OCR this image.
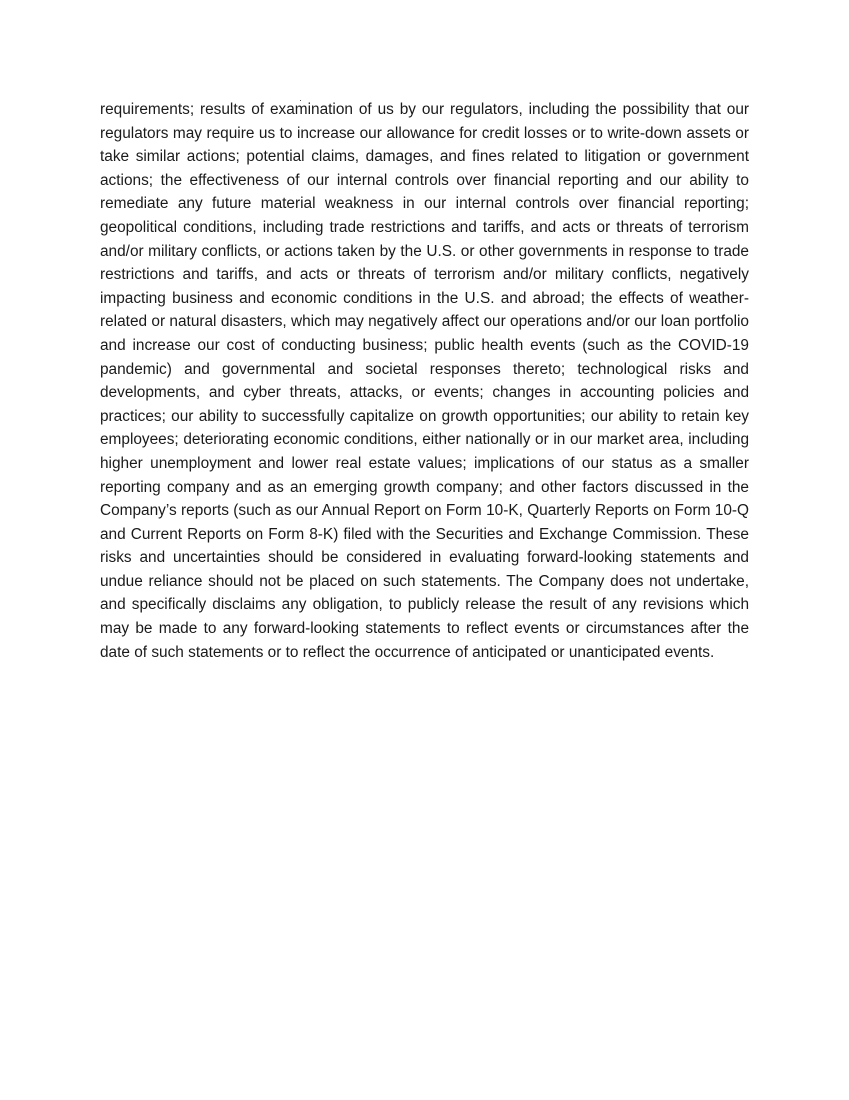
requirements; results of examination of us by our regulators, including the possibility that our regulators may require us to increase our allowance for credit losses or to write-down assets or take similar actions; potential claims, damages, and fines related to litigation or government actions; the effectiveness of our internal controls over financial reporting and our ability to remediate any future material weakness in our internal controls over financial reporting; geopolitical conditions, including trade restrictions and tariffs, and acts or threats of terrorism and/or military conflicts, or actions taken by the U.S. or other governments in response to trade restrictions and tariffs, and acts or threats of terrorism and/or military conflicts, negatively impacting business and economic conditions in the U.S. and abroad; the effects of weather-related or natural disasters, which may negatively affect our operations and/or our loan portfolio and increase our cost of conducting business; public health events (such as the COVID-19 pandemic) and governmental and societal responses thereto; technological risks and developments, and cyber threats, attacks, or events; changes in accounting policies and practices; our ability to successfully capitalize on growth opportunities; our ability to retain key employees; deteriorating economic conditions, either nationally or in our market area, including higher unemployment and lower real estate values; implications of our status as a smaller reporting company and as an emerging growth company; and other factors discussed in the Company’s reports (such as our Annual Report on Form 10-K, Quarterly Reports on Form 10-Q and Current Reports on Form 8-K) filed with the Securities and Exchange Commission. These risks and uncertainties should be considered in evaluating forward-looking statements and undue reliance should not be placed on such statements. The Company does not undertake, and specifically disclaims any obligation, to publicly release the result of any revisions which may be made to any forward-looking statements to reflect events or circumstances after the date of such statements or to reflect the occurrence of anticipated or unanticipated events.
